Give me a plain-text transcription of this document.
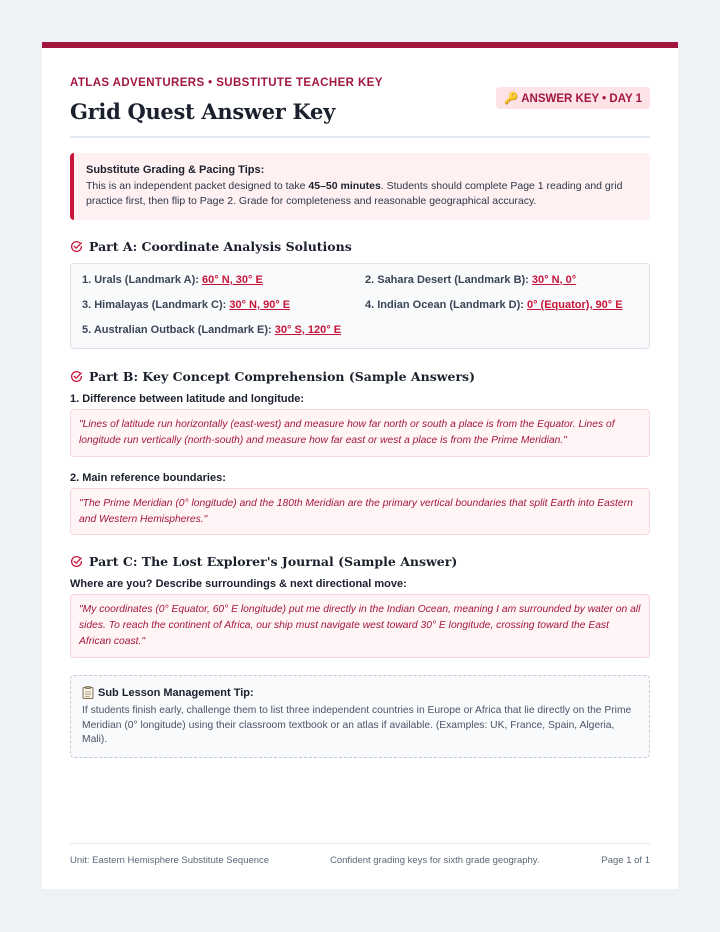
ATLAS ADVENTURERS • SUBSTITUTE TEACHER KEY
Grid Quest Answer Key	🔑 ANSWER KEY • DAY 1
Substitute Grading & Pacing Tips:
This is an independent packet designed to take 45–50 minutes. Students should complete Page 1 reading and grid practice first, then flip to Page 2. Grade for completeness and reasonable geographical accuracy.
Part A: Coordinate Analysis Solutions
1. Urals (Landmark A): 60° N, 30° E	2. Sahara Desert (Landmark B): 30° N, 0°
3. Himalayas (Landmark C): 30° N, 90° E	4. Indian Ocean (Landmark D): 0° (Equator), 90° E
5. Australian Outback (Landmark E): 30° S, 120° E
Part B: Key Concept Comprehension (Sample Answers)
1. Difference between latitude and longitude:
"Lines of latitude run horizontally (east-west) and measure how far north or south a place is from the Equator. Lines of longitude run vertically (north-south) and measure how far east or west a place is from the Prime Meridian."
2. Main reference boundaries:
"The Prime Meridian (0° longitude) and the 180th Meridian are the primary vertical boundaries that split Earth into Eastern and Western Hemispheres."
Part C: The Lost Explorer's Journal (Sample Answer)
Where are you? Describe surroundings & next directional move:
"My coordinates (0° Equator, 60° E longitude) put me directly in the Indian Ocean, meaning I am surrounded by water on all sides. To reach the continent of Africa, our ship must navigate west toward 30° E longitude, crossing toward the East African coast."
Sub Lesson Management Tip:
If students finish early, challenge them to list three independent countries in Europe or Africa that lie directly on the Prime Meridian (0° longitude) using their classroom textbook or an atlas if available. (Examples: UK, France, Spain, Algeria, Mali).
Unit: Eastern Hemisphere Substitute Sequence	Confident grading keys for sixth grade geography.	Page 1 of 1
